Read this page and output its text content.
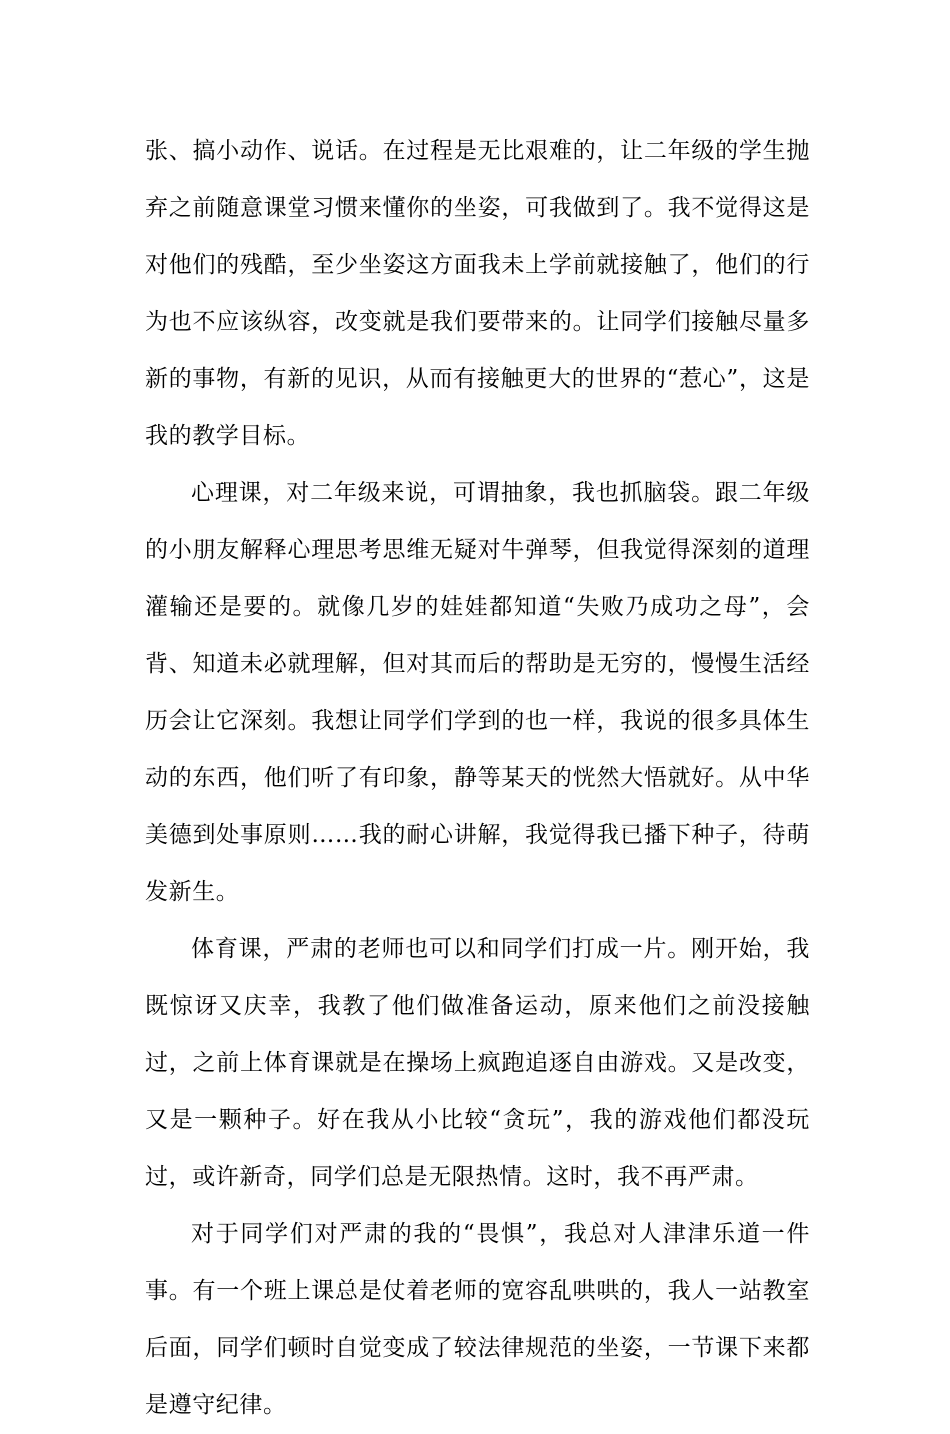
张、搞小动作、说话。在过程是无比艰难的，让二年级的学生抛弃之前随意课堂习惯来懂你的坐姿，可我做到了。我不觉得这是对他们的残酷，至少坐姿这方面我未上学前就接触了，他们的行为也不应该纵容，改变就是我们要带来的。让同学们接触尽量多新的事物，有新的见识，从而有接触更大的世界的“惹心”，这是我的教学目标。

心理课，对二年级来说，可谓抽象，我也抓脑袋。跟二年级的小朋友解释心理思考思维无疑对牛弹琴，但我觉得深刻的道理灌输还是要的。就像几岁的娃娃都知道“失败乃成功之母”，会背、知道未必就理解，但对其而后的帮助是无穷的，慢慢生活经历会让它深刻。我想让同学们学到的也一样，我说的很多具体生动的东西，他们听了有印象，静等某天的恍然大悟就好。从中华美德到处事原则……我的耐心讲解，我觉得我已播下种子，待萌发新生。

体育课，严肃的老师也可以和同学们打成一片。刚开始，我既惊讶又庆幸，我教了他们做准备运动，原来他们之前没接触过，之前上体育课就是在操场上疯跑追逐自由游戏。又是改变，又是一颗种子。好在我从小比较“贪玩”，我的游戏他们都没玩过，或许新奇，同学们总是无限热情。这时，我不再严肃。

对于同学们对严肃的我的“畏惧”，我总对人津津乐道一件事。有一个班上课总是仗着老师的宽容乱哄哄的，我人一站教室后面，同学们顿时自觉变成了较法律规范的坐姿，一节课下来都是遵守纪律。
